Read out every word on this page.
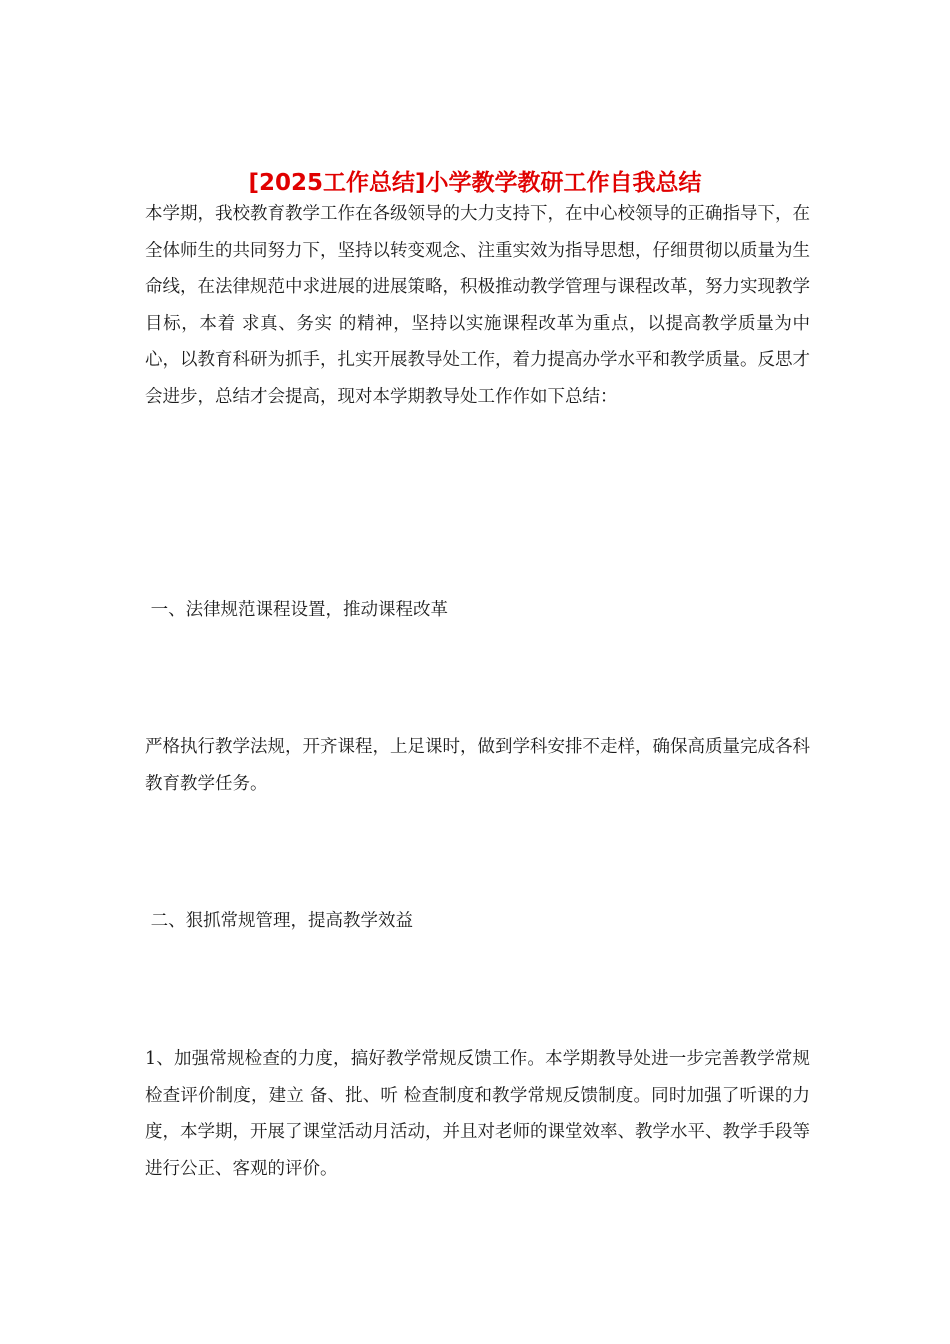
[2025工作总结]小学教学教研工作自我总结

本学期，我校教育教学工作在各级领导的大力支持下，在中心校领导的正确指导下，在全体师生的共同努力下，坚持以转变观念、注重实效为指导思想，仔细贯彻以质量为生命线，在法律规范中求进展的进展策略，积极推动教学管理与课程改革，努力实现教学目标，本着 求真、务实 的精神，坚持以实施课程改革为重点，以提高教学质量为中心，以教育科研为抓手，扎实开展教导处工作，着力提高办学水平和教学质量。反思才会进步，总结才会提高，现对本学期教导处工作作如下总结：

一、法律规范课程设置，推动课程改革

严格执行教学法规，开齐课程，上足课时，做到学科安排不走样，确保高质量完成各科教育教学任务。

二、狠抓常规管理，提高教学效益

1、加强常规检查的力度，搞好教学常规反馈工作。本学期教导处进一步完善教学常规检查评价制度，建立 备、批、听 检查制度和教学常规反馈制度。同时加强了听课的力度，本学期，开展了课堂活动月活动，并且对老师的课堂效率、教学水平、教学手段等进行公正、客观的评价。
